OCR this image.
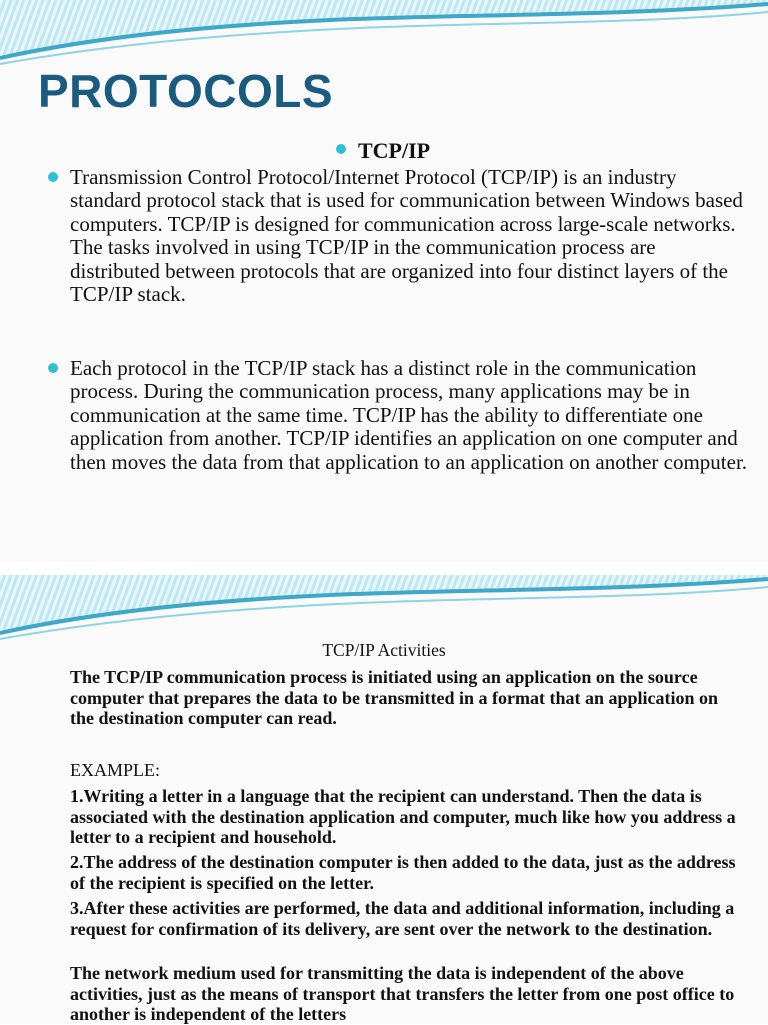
PROTOCOLS
TCP/IP

Transmission Control Protocol/Internet Protocol (TCP/IP) is an industry standard protocol stack that is used for communication between Windows based computers. TCP/IP is designed for communication across large-scale networks. The tasks involved in using TCP/IP in the communication process are distributed between protocols that are organized into four distinct layers of the TCP/IP stack.

Each protocol in the TCP/IP stack has a distinct role in the communication process. During the communication process, many applications may be in communication at the same time. TCP/IP has the ability to differentiate one application from another. TCP/IP identifies an application on one computer and then moves the data from that application to an application on another computer.

TCP/IP Activities

The TCP/IP communication process is initiated using an application on the source computer that prepares the data to be transmitted in a format that an application on the destination computer can read.

EXAMPLE:

1.Writing a letter in a language that the recipient can understand. Then the data is associated with the destination application and computer, much like how you address a letter to a recipient and household.

2.The address of the destination computer is then added to the data, just as the address of the recipient is specified on the letter.

3.After these activities are performed, the data and additional information, including a request for confirmation of its delivery, are sent over the network to the destination.

The network medium used for transmitting the data is independent of the above activities, just as the means of transport that transfers the letter from one post office to another is independent of the letters
